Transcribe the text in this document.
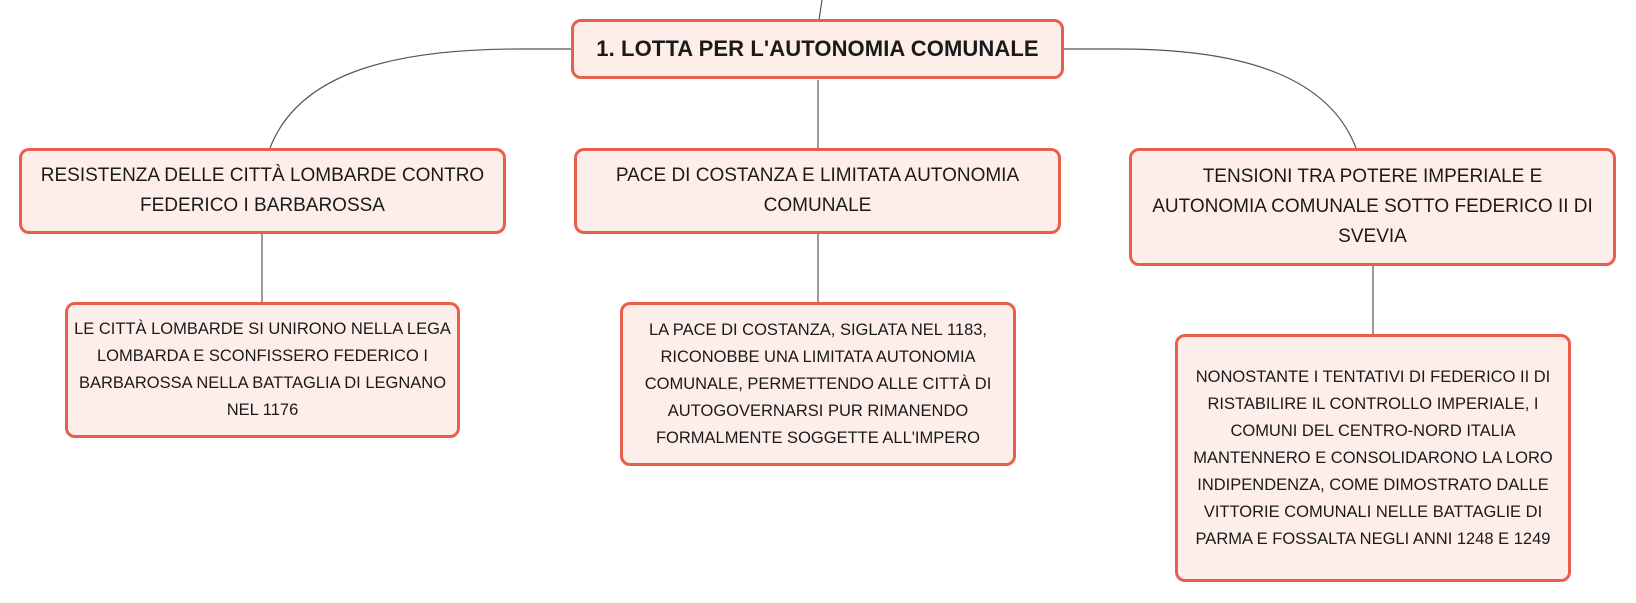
1. LOTTA PER L'AUTONOMIA COMUNALE
RESISTENZA DELLE CITTÀ LOMBARDE CONTRO FEDERICO I BARBAROSSA
PACE DI COSTANZA E LIMITATA AUTONOMIA COMUNALE
TENSIONI TRA POTERE IMPERIALE E AUTONOMIA COMUNALE SOTTO FEDERICO II DI SVEVIA
LE CITTÀ LOMBARDE SI UNIRONO NELLA LEGA LOMBARDA E SCONFISSERO FEDERICO I BARBAROSSA NELLA BATTAGLIA DI LEGNANO NEL 1176
LA PACE DI COSTANZA, SIGLATA NEL 1183, RICONOBBE UNA LIMITATA AUTONOMIA COMUNALE, PERMETTENDO ALLE CITTÀ DI AUTOGOVERNARSI PUR RIMANENDO FORMALMENTE SOGGETTE ALL'IMPERO
NONOSTANTE I TENTATIVI DI FEDERICO II DI RISTABILIRE IL CONTROLLO IMPERIALE, I COMUNI DEL CENTRO-NORD ITALIA MANTENNERO E CONSOLIDARONO LA LORO INDIPENDENZA, COME DIMOSTRATO DALLE VITTORIE COMUNALI NELLE BATTAGLIE DI PARMA E FOSSALTA NEGLI ANNI 1248 E 1249
